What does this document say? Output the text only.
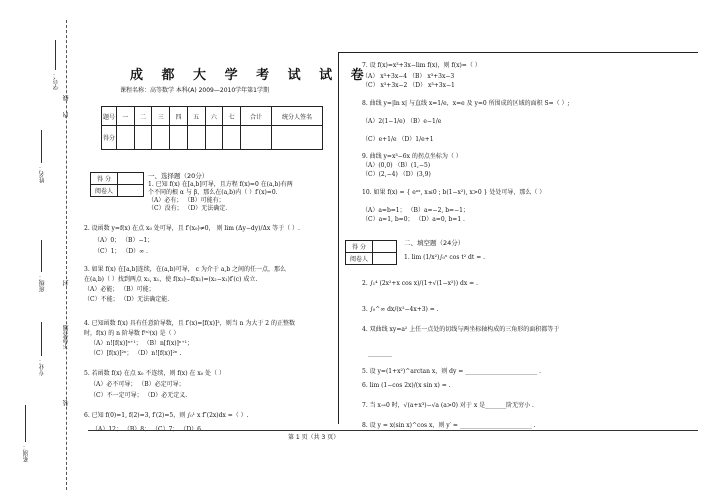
学号：
姓名：
班级：
专业：
系别：
线
内
封
不要答题
装
成 都 大 学 考 试 试 卷
课程名称：高等数学 本科(A) 2009—2010学年第1学期
题号	一	二	三	四	五	六	七	合计	统分人签名
得分									
得 分	
阅卷人	
一、选择题（20分）
1. 已知 f(x) 在[a,b]可导，且方程 f(x)=0 在(a,b)有两
个不同的根 α 与 β，那么在(a,b)内（ ）f′(x)=0.
（A）必有； （B）可能有；
（C）没有； （D）无法确定.
2. 设函数 y=f(x) 在点 x₀ 处可导，且 f′(x₀)≠0， 则 lim (Δy−dy)/Δx 等于（ ）.
（A）0； （B）−1；
（C）1； （D）∞ .
3. 如果 f(x) 在[a,b]连续，在(a,b)可导， c 为介于 a,b 之间的任一点，那么
在(a,b)（ ）找到两点 x₂, x₁，使 f(x₂)−f(x₁)=(x₂−x₁)f′(c) 成立.
（A）必能； （B）可能；
（C）不能； （D）无法确定能.
4. 已知函数 f(x) 具有任意阶导数，且 f′(x)=[f(x)]²，则当 n 为大于 2 的正整数
时，f(x) 的 n 阶导数 f⁽ⁿ⁾(x) 是（ ）
（A）n![f(x)]ⁿ⁺¹； （B）n[f(x)]ⁿ⁺¹；
（C）[f(x)]²ⁿ； （D）n![f(x)]²ⁿ .
5. 若函数 f(x) 在点 x₀ 不连续，则 f(x) 在 x₀ 处（ ）
（A）必不可导； （B）必定可导；
（C）不一定可导； （D）必无定义.
6. 已知 f(0)=1, f(2)=3, f′(2)=5，则 ∫₀¹ x f″(2x)dx =（ ）.
（A）12； （B）8； （C）7； （D）6.
7. 设 f(x)=x³+3x−lim f(x)，则 f(x)=（ ）
（A） x³+3x−4 （B） x³+3x−3
（C） x³+3x−2 （D） x³+3x−1
8. 曲线 y=|ln x| 与直线 x=1/e，x=e 及 y=0 所围成的区域的面积 S=（ ）;
（A）2(1−1/e) （B）e−1/e
（C）e+1/e （D）1/e+1
9. 曲线 y=x³−6x 的拐点坐标为（ ）
（A）(0,0) （B）(1,−5)
（C）(2,−4) （D）(3,9)
10. 如果 f(x) = { eᵃˣ, x≤0 ; b(1−x²), x>0 } 处处可导，那么（ ）
（A）a=b=1； （B）a=−2, b=−1；
（C）a=1, b=0； （D）a=0, b=1 .
得 分	
阅卷人	
二、填空题（24分）
1. lim (1/x²)∫₀ˣ cos t² dt = .
2. ∫₁⁴ (2x²+x cos x)/(1+√(1−x²)) dx = .
3. ∫₀^∞ dx/(x²−4x+3) = .
4. 双曲线 xy=a² 上任一点处的切线与两坐标轴构成的三角形的面积都等于
________
5. 设 y=(1+x²)^arctan x，则 dy = ________________________ .
6. lim (1−cos 2x)/(x sin x) = .
7. 当 x→0 时，√(a+x³)−√a (a>0) 对于 x 是_______阶无穷小 .
8. 设 y = x(sin x)^cos x，则 y′ = ________________________ .
第 1 页（共 3 页）
